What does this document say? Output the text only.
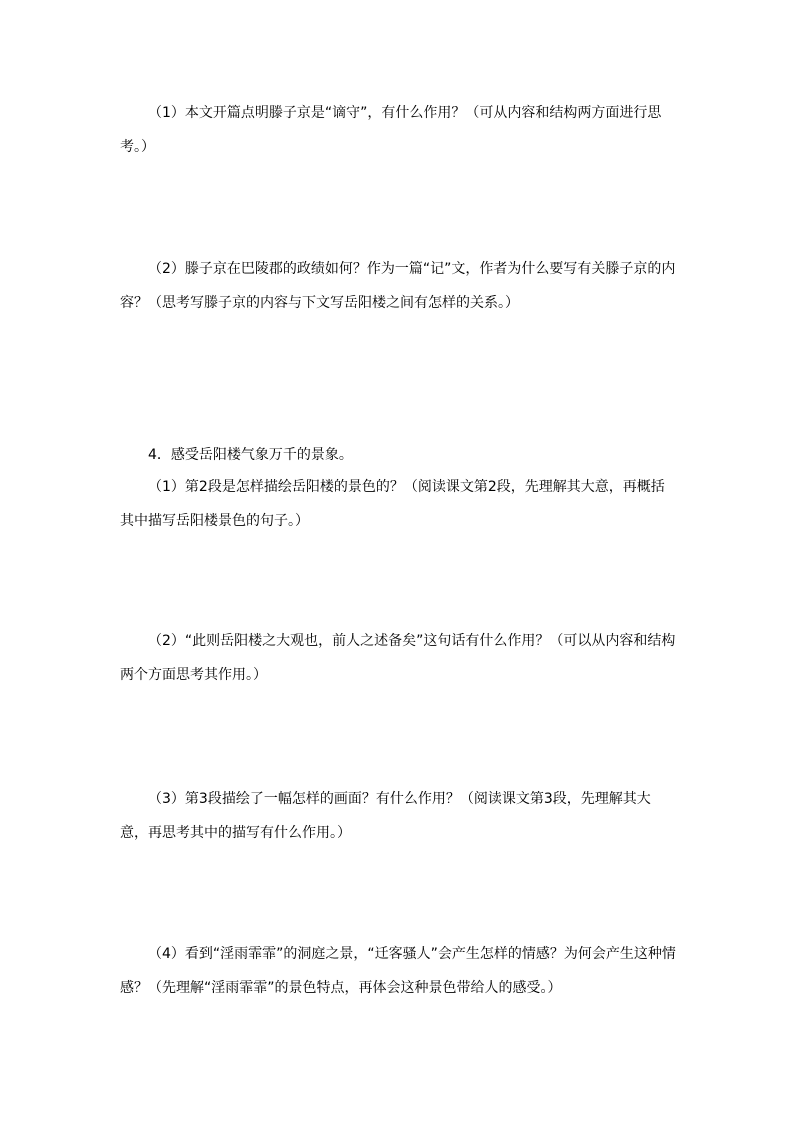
（1）本文开篇点明滕子京是“谪守”，有什么作用？（可从内容和结构两方面进行思考。）

（2）滕子京在巴陵郡的政绩如何？作为一篇“记”文，作者为什么要写有关滕子京的内容？（思考写滕子京的内容与下文写岳阳楼之间有怎样的关系。）

4．感受岳阳楼气象万千的景象。

（1）第2段是怎样描绘岳阳楼的景色的？（阅读课文第2段，先理解其大意，再概括其中描写岳阳楼景色的句子。）

（2）“此则岳阳楼之大观也，前人之述备矣”这句话有什么作用？（可以从内容和结构两个方面思考其作用。）

（3）第3段描绘了一幅怎样的画面？有什么作用？（阅读课文第3段，先理解其大意，再思考其中的描写有什么作用。）

（4）看到“淫雨霏霏”的洞庭之景，“迁客骚人”会产生怎样的情感？为何会产生这种情感？（先理解“淫雨霏霏”的景色特点，再体会这种景色带给人的感受。）
